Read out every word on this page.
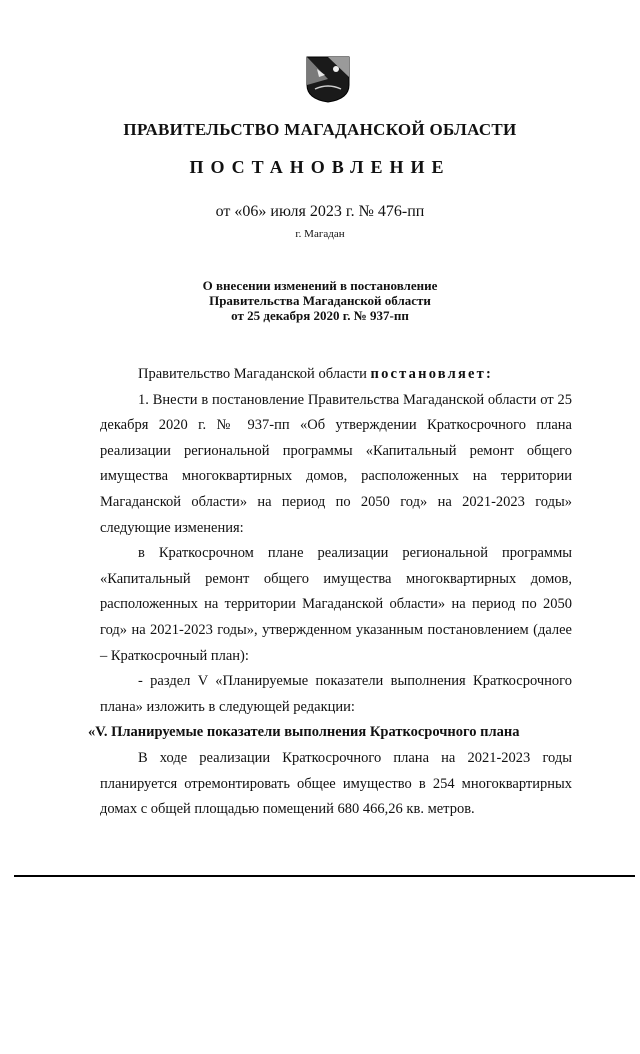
ПРАВИТЕЛЬСТВО МАГАДАНСКОЙ ОБЛАСТИ
ПОСТАНОВЛЕНИЕ
от «06» июля 2023 г. № 476-пп
г. Магадан
О внесении изменений в постановление
Правительства Магаданской области
от 25 декабря 2020 г. № 937-пп

Правительство Магаданской области постановляет:

1. Внести в постановление Правительства Магаданской области от 25 декабря 2020 г. № 937-пп «Об утверждении Краткосрочного плана реализации региональной программы «Капитальный ремонт общего имущества многоквартирных домов, расположенных на территории Магаданской области» на период по 2050 год» на 2021-2023 годы» следующие изменения:

в Краткосрочном плане реализации региональной программы «Капитальный ремонт общего имущества многоквартирных домов, расположенных на территории Магаданской области» на период по 2050 год» на 2021-2023 годы», утвержденном указанным постановлением (далее – Краткосрочный план):

- раздел V «Планируемые показатели выполнения Краткосрочного плана» изложить в следующей редакции:

«V. Планируемые показатели выполнения Краткосрочного плана

В ходе реализации Краткосрочного плана на 2021-2023 годы планируется отремонтировать общее имущество в 254 многоквартирных домах с общей площадью помещений 680 466,26 кв. метров.
